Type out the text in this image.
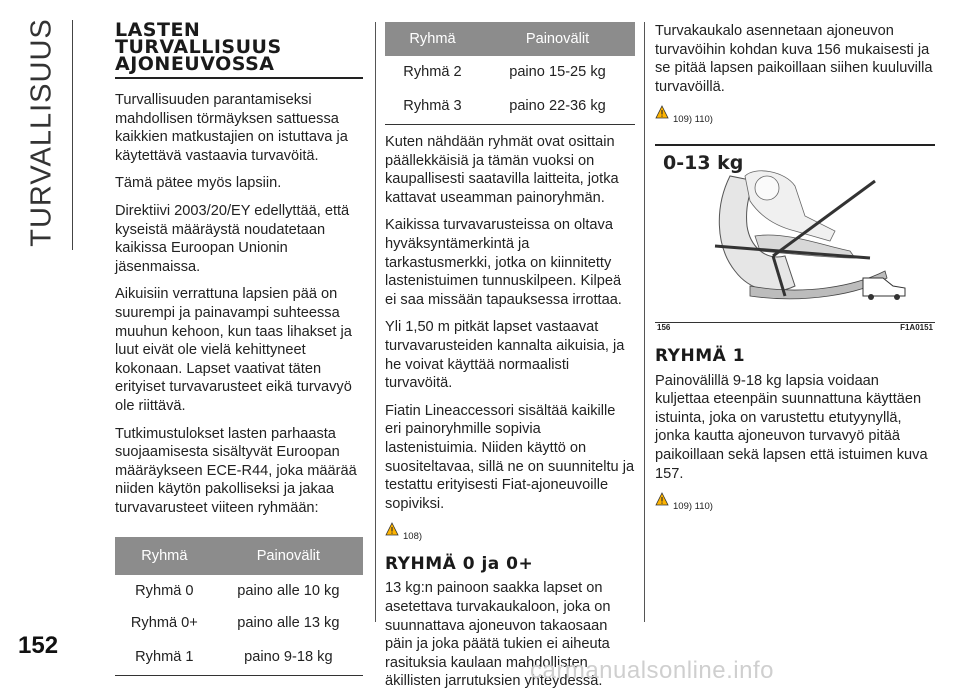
TURVALLISUUS	LASTEN
TURVALLISUUS
AJONEUVOSSA

Turvallisuuden parantamiseksi mahdollisen törmäyksen sattuessa kaikkien matkustajien on istuttava ja käytettävä vastaavia turvavöitä.

Tämä pätee myös lapsiin.

Direktiivi 2003/20/EY edellyttää, että kyseistä määräystä noudatetaan kaikissa Euroopan Unionin jäsenmaissa.

Aikuisiin verrattuna lapsien pää on suurempi ja painavampi suhteessa muuhun kehoon, kun taas lihakset ja luut eivät ole vielä kehittyneet kokonaan. Lapset vaativat täten erityiset turvavarusteet eikä turvavyö ole riittävä.

Tutkimustulokset lasten parhaasta suojaamisesta sisältyvät Euroopan määräykseen ECE-R44, joka määrää niiden käytön pakolliseksi ja jakaa turvavarusteet viiteen ryhmään:

Ryhmä	Painovälit
Ryhmä 0	paino alle 10 kg
Ryhmä 0+	paino alle 13 kg
Ryhmä 1	paino 9-18 kg
Ryhmä	Painovälit
Ryhmä 2	paino 15-25 kg
Ryhmä 3	paino 22-36 kg

Kuten nähdään ryhmät ovat osittain päällekkäisiä ja tämän vuoksi on kaupallisesti saatavilla laitteita, jotka kattavat useamman painoryhmän.

Kaikissa turvavarusteissa on oltava hyväksyntämerkintä ja tarkastusmerkki, jotka on kiinnitetty lastenistuimen tunnuskilpeen. Kilpeä ei saa missään tapauksessa irrottaa.

Yli 1,50 m pitkät lapset vastaavat turvavarusteiden kannalta aikuisia, ja he voivat käyttää normaalisti turvavöitä.

Fiatin Lineaccessori sisältää kaikille eri painoryhmille sopivia lastenistuimia. Niiden käyttö on suositeltavaa, sillä ne on suunniteltu ja testattu erityisesti Fiat-ajoneuvoille sopiviksi.

108)
RYHMÄ 0 ja 0+

13 kg:n painoon saakka lapset on asetettava turvakaukaloon, joka on suunnattava ajoneuvon takaosaan päin ja joka päätä tukien ei aiheuta rasituksia kaulaan mahdollisten äkillisten jarrutuksien yhteydessä.

Turvakaukalo asennetaan ajoneuvon turvavöihin kohdan kuva 156 mukaisesti ja se pitää lapsen paikoillaan siihen kuuluvilla turvavöillä.

109) 110)
0-13 kg
156	F1A0151
RYHMÄ 1

Painovälillä 9-18 kg lapsia voidaan kuljettaa eteenpäin suunnattuna käyttäen istuinta, joka on varustettu etutyynyllä, jonka kautta ajoneuvon turvavyö pitää paikoillaan sekä lapsen että istuimen kuva 157.

109) 110)
152
carmanualsonline.info
